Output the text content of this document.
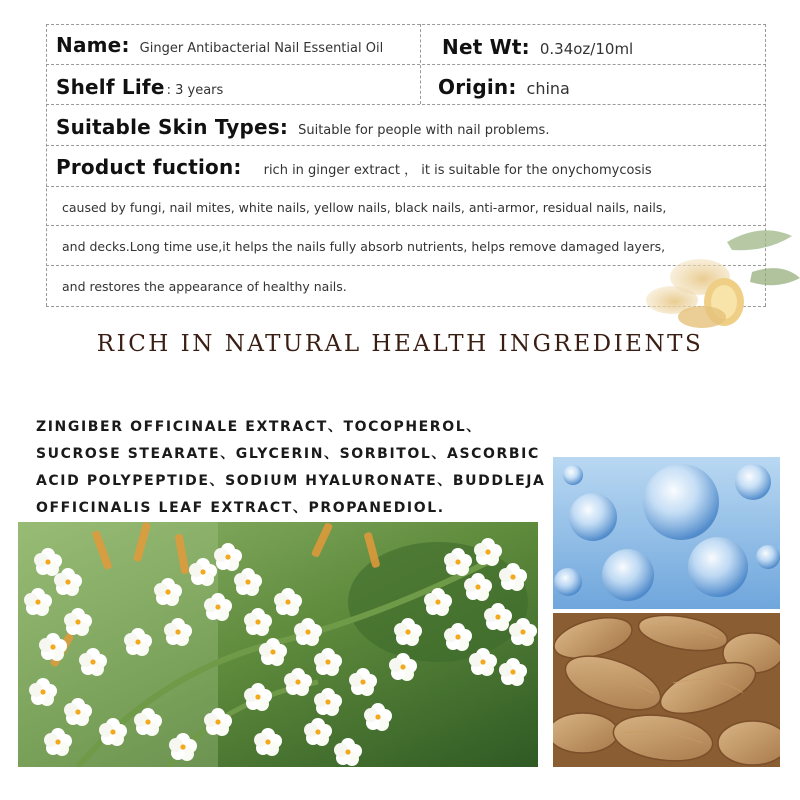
Name: Ginger Antibacterial Nail Essential Oil	Net Wt: 0.34oz/10ml
Shelf Life : 3 years	Origin: china
Suitable Skin Types: Suitable for people with nail problems.
Product fuction: rich in ginger extract ， it is suitable for the onychomycosis
caused by fungi, nail mites, white nails, yellow nails, black nails, anti-armor, residual nails, nails,
and decks.Long time use,it helps the nails fully absorb nutrients, helps remove damaged layers,
and restores the appearance of healthy nails.
RICH IN NATURAL HEALTH INGREDIENTS
ZINGIBER OFFICINALE EXTRACT、TOCOPHEROL、
SUCROSE STEARATE、GLYCERIN、SORBITOL、ASCORBIC
ACID POLYPEPTIDE、SODIUM HYALURONATE、BUDDLEJA
OFFICINALIS LEAF EXTRACT、PROPANEDIOL.
